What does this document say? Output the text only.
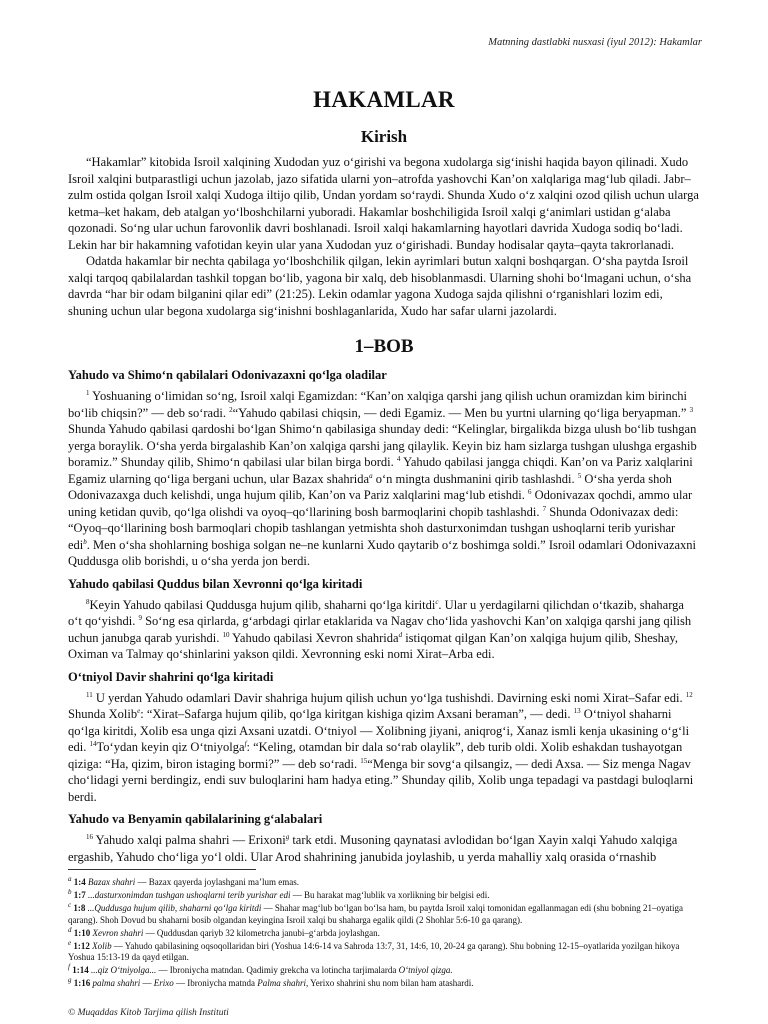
Matnning dastlabki nusxasi (iyul 2012): Hakamlar
HAKAMLAR
Kirish

“Hakamlar” kitobida Isroil xalqining Xudodan yuz o‘girishi va begona xudolarga sig‘inishi haqida bayon qilinadi. Xudo Isroil xalqini butparastligi uchun jazolab, jazo sifatida ularni yon–atrofda yashovchi Kan’on xalqlariga mag‘lub qiladi. Jabr–zulm ostida qolgan Isroil xalqi Xudoga iltijo qilib, Undan yordam so‘raydi. Shunda Xudo o‘z xalqini ozod qilish uchun ularga ketma–ket hakam, deb atalgan yo‘lboshchilarni yuboradi. Hakamlar boshchiligida Isroil xalqi g‘animlari ustidan g‘alaba qozonadi. So‘ng ular uchun farovonlik davri boshlanadi. Isroil xalqi hakamlarning hayotlari davrida Xudoga sodiq bo‘ladi. Lekin har bir hakamning vafotidan keyin ular yana Xudodan yuz o‘girishadi. Bunday hodisalar qayta–qayta takrorlanadi.

Odatda hakamlar bir nechta qabilaga yo‘lboshchilik qilgan, lekin ayrimlari butun xalqni boshqargan. O‘sha paytda Isroil xalqi tarqoq qabilalardan tashkil topgan bo‘lib, yagona bir xalq, deb hisoblanmasdi. Ularning shohi bo‘lmagani uchun, o‘sha davrda “har bir odam bilganini qilar edi” (21:25). Lekin odamlar yagona Xudoga sajda qilishni o‘rganishlari lozim edi, shuning uchun ular begona xudolarga sig‘inishni boshlaganlarida, Xudo har safar ularni jazolardi.

1–BOB
Yahudo va Shimo‘n qabilalari Odonivazaxni qo‘lga oladilar

$^1$ Yoshuaning o‘limidan so‘ng, Isroil xalqi Egamizdan: “Kan’on xalqiga qarshi jang qilish uchun oramizdan kim birinchi bo‘lib chiqsin?” — deb so‘radi. $^2$“Yahudo qabilasi chiqsin, — dedi Egamiz. — Men bu yurtni ularning qo‘liga beryapman.” $^3$ Shunda Yahudo qabilasi qardoshi bo‘lgan Shimo‘n qabilasiga shunday dedi: “Kelinglar, birgalikda bizga ulush bo‘lib tushgan yerga boraylik. O‘sha yerda birgalashib Kan’on xalqiga qarshi jang qilaylik. Keyin biz ham sizlarga tushgan ulushga ergashib boramiz.” Shunday qilib, Shimo‘n qabilasi ular bilan birga bordi. $^4$ Yahudo qabilasi jangga chiqdi. Kan’on va Pariz xalqlarini Egamiz ularning qo‘liga bergani uchun, ular Bazax shahrida$^a$ o‘n mingta dushmanini qirib tashlashdi. $^5$ O‘sha yerda shoh Odonivazaxga duch kelishdi, unga hujum qilib, Kan’on va Pariz xalqlarini mag‘lub etishdi. $^6$ Odonivazax qochdi, ammo ular uning ketidan quvib, qo‘lga olishdi va oyoq–qo‘llarining bosh barmoqlarini chopib tashlashdi. $^7$ Shunda Odonivazax dedi: “Oyoq–qo‘llarining bosh barmoqlari chopib tashlangan yetmishta shoh dasturxonimdan tushgan ushoqlarni terib yurishar edi$^b$. Men o‘sha shohlarning boshiga solgan ne–ne kunlarni Xudo qaytarib o‘z boshimga soldi.” Isroil odamlari Odonivazaxni Quddusga olib borishdi, u o‘sha yerda jon berdi.

Yahudo qabilasi Quddus bilan Xevronni qo‘lga kiritadi

$^8$Keyin Yahudo qabilasi Quddusga hujum qilib, shaharni qo‘lga kiritdi$^c$. Ular u yerdagilarni qilichdan o‘tkazib, shaharga o‘t qo‘yishdi. $^9$ So‘ng esa qirlarda, g‘arbdagi qirlar etaklarida va Nagav cho‘lida yashovchi Kan’on xalqiga qarshi jang qilish uchun janubga qarab yurishdi. $^{10}$ Yahudo qabilasi Xevron shahrida$^d$ istiqomat qilgan Kan’on xalqiga hujum qilib, Sheshay, Oximan va Talmay qo‘shinlarini yakson qildi. Xevronning eski nomi Xirat–Arba edi.

O‘tniyol Davir shahrini qo‘lga kiritadi

$^{11}$ U yerdan Yahudo odamlari Davir shahriga hujum qilish uchun yo‘lga tushishdi. Davirning eski nomi Xirat–Safar edi. $^{12}$ Shunda Xolib$^e$: “Xirat–Safarga hujum qilib, qo‘lga kiritgan kishiga qizim Axsani beraman”, — dedi. $^{13}$ O‘tniyol shaharni qo‘lga kiritdi, Xolib esa unga qizi Axsani uzatdi. O‘tniyol — Xolibning jiyani, aniqrog‘i, Xanaz ismli kenja ukasining o‘g‘li edi. $^{14}$To‘ydan keyin qiz O‘tniyolga$^f$: “Keling, otamdan bir dala so‘rab olaylik”, deb turib oldi. Xolib eshakdan tushayotgan qiziga: “Ha, qizim, biron istaging bormi?” — deb so‘radi. $^{15}$“Menga bir sovg‘a qilsangiz, — dedi Axsa. — Siz menga Nagav cho‘lidagi yerni berdingiz, endi suv buloqlarini ham hadya eting.” Shunday qilib, Xolib unga tepadagi va pastdagi buloqlarni berdi.

Yahudo va Benyamin qabilalarining g‘alabalari

$^{16}$ Yahudo xalqi palma shahri — Erixoni$^g$ tark etdi. Musoning qaynatasi avlodidan bo‘lgan Xayin xalqi Yahudo xalqiga ergashib, Yahudo cho‘liga yo‘l oldi. Ular Arod shahrining janubida joylashib, u yerda mahalliy xalq orasida o‘rnashib

$^a$ 1:4 Bazax shahri — Bazax qayerda joylashgani ma’lum emas.
$^b$ 1:7 ...dasturxonimdan tushgan ushoqlarni terib yurishar edi — Bu harakat mag‘lublik va xorlikning bir belgisi edi.
$^c$ 1:8 ...Quddusga hujum qilib, shaharni qo‘lga kiritdi — Shahar mag‘lub bo‘lgan bo‘lsa ham, bu paytda Isroil xalqi tomonidan egallanmagan edi (shu bobning 21–oyatiga qarang). Shoh Dovud bu shaharni bosib olgandan keyingina Isroil xalqi bu shaharga egalik qildi (2 Shohlar 5:6-10 ga qarang).
$^d$ 1:10 Xevron shahri — Quddusdan qariyb 32 kilometrcha janubi–g‘arbda joylashgan.
$^e$ 1:12 Xolib — Yahudo qabilasining oqsoqollaridan biri (Yoshua 14:6-14 va Sahroda 13:7, 31, 14:6, 10, 20-24 ga qarang). Shu bobning 12-15–oyatlarida yozilgan hikoya Yoshua 15:13-19 da qayd etilgan.
$^f$ 1:14 ...qiz O‘tniyolga... — Ibroniycha matndan. Qadimiy grekcha va lotincha tarjimalarda O‘tniyol qizga.
$^g$ 1:16 palma shahri — Erixo — Ibroniycha matnda Palma shahri, Yerixo shahrini shu nom bilan ham atashardi.
© Muqaddas Kitob Tarjima qilish Instituti
